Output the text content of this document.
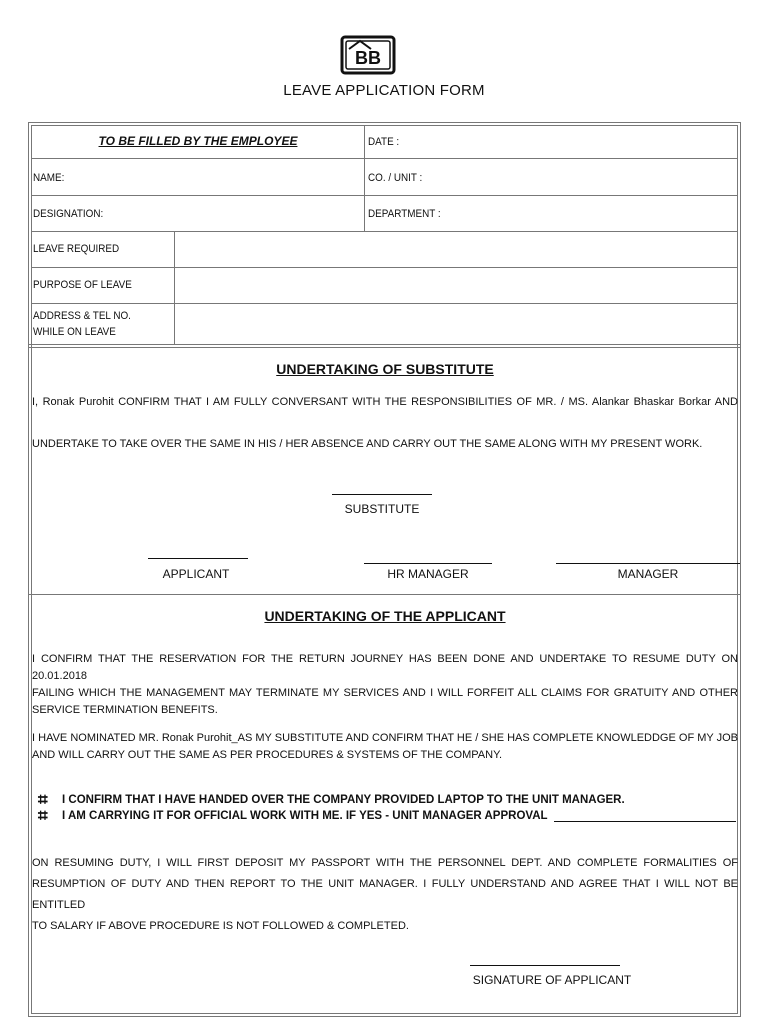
BB
LEAVE APPLICATION FORM
TO BE FILLED BY THE EMPLOYEE	DATE :
NAME:	CO. / UNIT :
DESIGNATION:	DEPARTMENT :
LEAVE REQUIRED
PURPOSE OF LEAVE
ADDRESS & TEL NO.
WHILE ON LEAVE
UNDERTAKING OF SUBSTITUTE
I, Ronak Purohit CONFIRM THAT I AM FULLY CONVERSANT WITH THE RESPONSIBILITIES OF MR. / MS. Alankar Bhaskar Borkar AND
UNDERTAKE TO TAKE OVER THE SAME IN HIS / HER ABSENCE AND CARRY OUT THE SAME ALONG WITH MY PRESENT WORK.
SUBSTITUTE
APPLICANT	HR MANAGER	MANAGER
UNDERTAKING OF THE APPLICANT
I CONFIRM THAT THE RESERVATION FOR THE RETURN JOURNEY HAS BEEN DONE AND UNDERTAKE TO RESUME DUTY ON 20.01.2018
FAILING WHICH THE MANAGEMENT MAY TERMINATE MY SERVICES AND I WILL FORFEIT ALL CLAIMS FOR GRATUITY AND OTHER
SERVICE TERMINATION BENEFITS.
I HAVE NOMINATED MR. Ronak Purohit_AS MY SUBSTITUTE AND CONFIRM THAT HE / SHE HAS COMPLETE KNOWLEDDGE OF MY JOB
AND WILL CARRY OUT THE SAME AS PER PROCEDURES & SYSTEMS OF THE COMPANY.
⌗	I CONFIRM THAT I HAVE HANDED OVER THE COMPANY PROVIDED LAPTOP TO THE UNIT MANAGER.
⌗	I AM CARRYING IT FOR OFFICIAL WORK WITH ME. IF YES - UNIT MANAGER APPROVAL
ON RESUMING DUTY, I WILL FIRST DEPOSIT MY PASSPORT WITH THE PERSONNEL DEPT. AND COMPLETE FORMALITIES OF
RESUMPTION OF DUTY AND THEN REPORT TO THE UNIT MANAGER. I FULLY UNDERSTAND AND AGREE THAT I WILL NOT BE ENTITLED
TO SALARY IF ABOVE PROCEDURE IS NOT FOLLOWED & COMPLETED.
SIGNATURE OF APPLICANT
